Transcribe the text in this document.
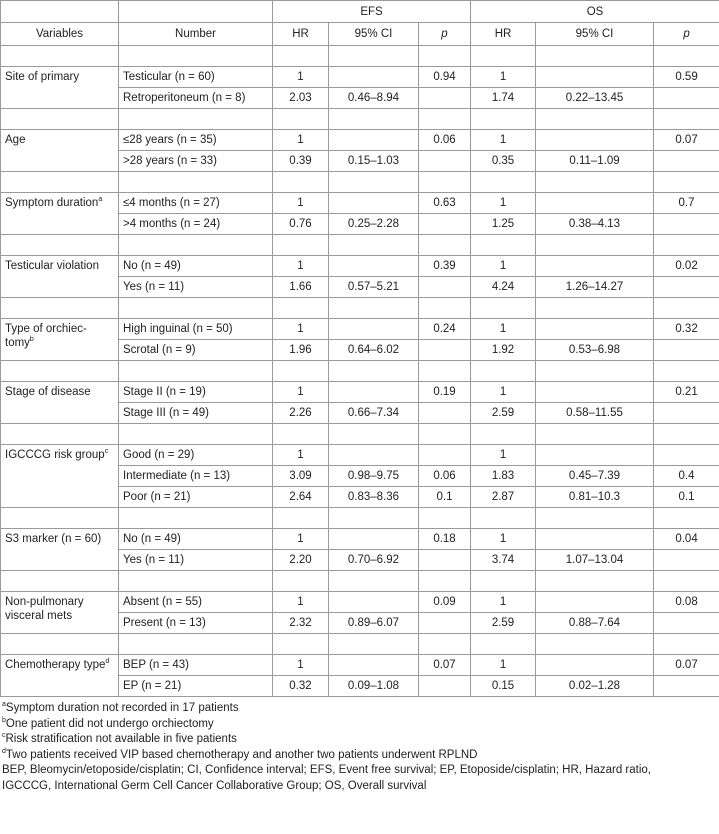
		EFS			OS		
Variables	Number	HR	95% CI	p	HR	95% CI	p

Site of primary	Testicular (n = 60)	1		0.94	1		0.59
	Retroperitoneum (n = 8)	2.03	0.46–8.94		1.74	0.22–13.45	

Age	≤28 years (n = 35)	1		0.06	1		0.07
	>28 years (n = 33)	0.39	0.15–1.03		0.35	0.11–1.09	

Symptom duration$^a$	≤4 months (n = 27)	1		0.63	1		0.7
	>4 months (n = 24)	0.76	0.25–2.28		1.25	0.38–4.13	

Testicular violation	No (n = 49)	1		0.39	1		0.02
	Yes (n = 11)	1.66	0.57–5.21		4.24	1.26–14.27	

Type of orchiec-tomy$^b$	High inguinal (n = 50)	1		0.24	1		0.32
	Scrotal (n = 9)	1.96	0.64–6.02		1.92	0.53–6.98	

Stage of disease	Stage II (n = 19)	1		0.19	1		0.21
	Stage III (n = 49)	2.26	0.66–7.34		2.59	0.58–11.55	

IGCCCG risk group$^c$	Good (n = 29)	1			1		
	Intermediate (n = 13)	3.09	0.98–9.75	0.06	1.83	0.45–7.39	0.4
	Poor (n = 21)	2.64	0.83–8.36	0.1	2.87	0.81–10.3	0.1

S3 marker (n = 60)	No (n = 49)	1		0.18	1		0.04
	Yes (n = 11)	2.20	0.70–6.92		3.74	1.07–13.04	

Non-pulmonary visceral mets	Absent (n = 55)	1		0.09	1		0.08
	Present (n = 13)	2.32	0.89–6.07		2.59	0.88–7.64	

Chemotherapy type$^d$	BEP (n = 43)	1		0.07	1		0.07
	EP (n = 21)	0.32	0.09–1.08		0.15	0.02–1.28	
$^a$Symptom duration not recorded in 17 patients
$^b$One patient did not undergo orchiectomy
$^c$Risk stratification not available in five patients
$^d$Two patients received VIP based chemotherapy and another two patients underwent RPLND
BEP, Bleomycin/etoposide/cisplatin; CI, Confidence interval; EFS, Event free survival; EP, Etoposide/cisplatin; HR, Hazard ratio,
IGCCCG, International Germ Cell Cancer Collaborative Group; OS, Overall survival
